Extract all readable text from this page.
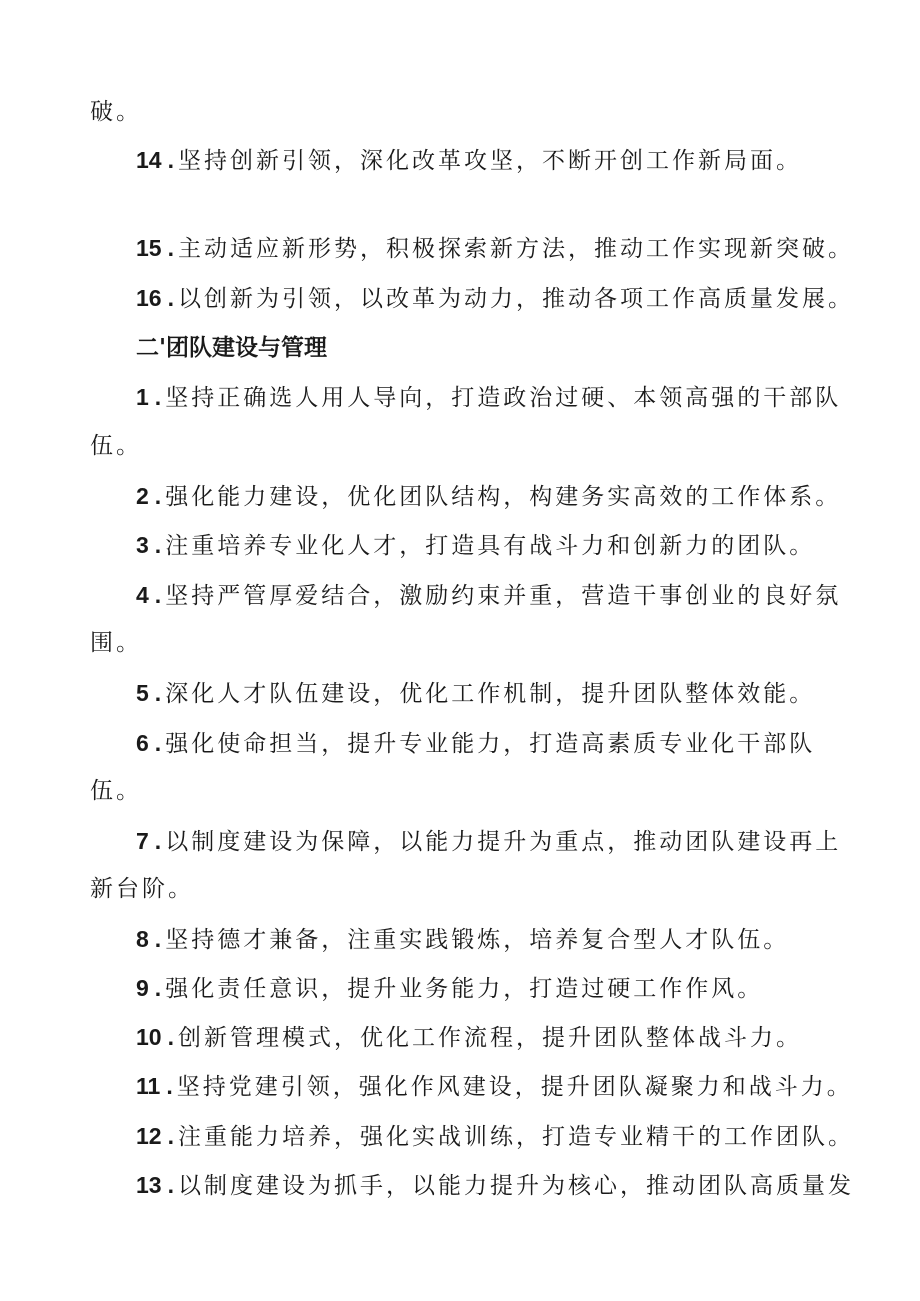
破。
14 . 坚持创新引领，深化改革攻坚，不断开创工作新局面。
15 . 主动适应新形势，积极探索新方法，推动工作实现新突破。
16 . 以创新为引领，以改革为动力，推动各项工作高质量发展。
二'团队建设与管理
1 . 坚持正确选人用人导向，打造政治过硬、本领高强的干部队
伍。
2 . 强化能力建设，优化团队结构，构建务实高效的工作体系。
3 . 注重培养专业化人才，打造具有战斗力和创新力的团队。
4 . 坚持严管厚爱结合，激励约束并重，营造干事创业的良好氛
围。
5 . 深化人才队伍建设，优化工作机制，提升团队整体效能。
6 . 强化使命担当，提升专业能力，打造高素质专业化干部队
伍。
7 . 以制度建设为保障，以能力提升为重点，推动团队建设再上
新台阶。
8 . 坚持德才兼备，注重实践锻炼，培养复合型人才队伍。
9 . 强化责任意识，提升业务能力，打造过硬工作作风。
10 . 创新管理模式，优化工作流程，提升团队整体战斗力。
11 . 坚持党建引领，强化作风建设，提升团队凝聚力和战斗力。
12 . 注重能力培养，强化实战训练，打造专业精干的工作团队。
13 . 以制度建设为抓手，以能力提升为核心，推动团队高质量发
